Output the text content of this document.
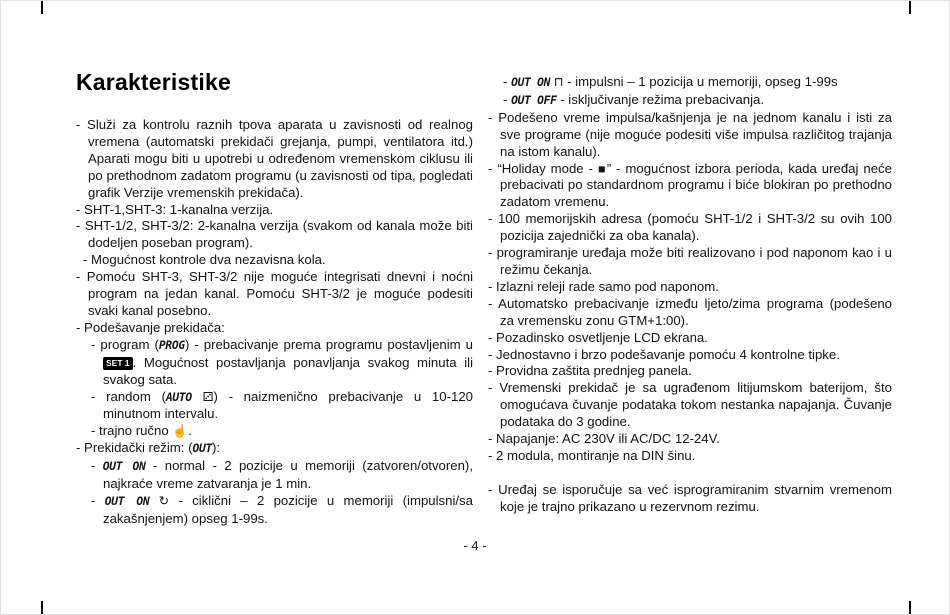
Karakteristike
- Služi za kontrolu raznih tpova aparata u zavisnosti od realnog vremena (automatski prekidači grejanja, pumpi, ventilatora itd.) Aparati mogu biti u upotrebi u određenom vremenskom ciklusu ili po prethodnom zadatom programu (u zavisnosti od tipa, pogledati grafik Verzije vremenskih prekidača).
- SHT-1,SHT-3: 1-kanalna verzija.
- SHT-1/2, SHT-3/2: 2-kanalna verzija (svakom od kanala može biti dodeljen poseban program).
- Mogućnost kontrole dva nezavisna kola.
- Pomoću SHT-3, SHT-3/2 nije moguće integrisati dnevni i noćni program na jedan kanal. Pomoću SHT-3/2 je moguće podesiti svaki kanal posebno.
- Podešavanje prekidača:
- program (PROG) - prebacivanje prema programu postavljenim u SET 1 . Mogućnost postavljanja ponavljanja svakog minuta ili svakog sata.
- random (AUTO ⚂) - naizmenično prebacivanje u 10-120 minutnom intervalu.
- trajno ručno ☝.
- Prekidački režim: (OUT):
- OUT ON - normal - 2 pozicije u memoriji (zatvoren/otvoren), najkraće vreme zatvaranja je 1 min.
- OUT ON ↻ - ciklični – 2 pozicije u memoriji (impulsni/sa zakašnjenjem) opseg 1-99s.
- OUT ON ⊓ - impulsni – 1 pozicija u memoriji, opseg 1-99s
- OUT OFF - isključivanje režima prebacivanja.
- Podešeno vreme impulsa/kašnjenja je na jednom kanalu i isti za sve programe (nije moguće podesiti više impulsa različitog trajanja na istom kanalu).
- “Holiday mode - ■” - mogućnost izbora perioda, kada uređaj neće prebacivati po standardnom programu i biće blokiran po prethodno zadatom vremenu.
- 100 memorijskih adresa (pomoću SHT-1/2 i SHT-3/2 su ovih 100 pozicija zajednički za oba kanala).
- programiranje uređaja može biti realizovano i pod naponom kao i u režimu čekanja.
- Izlazni releji rade samo pod naponom.
- Automatsko prebacivanje između ljeto/zima programa (podešeno za vremensku zonu GTM+1:00).
- Pozadinsko osvetljenje LCD ekrana.
- Jednostavno i brzo podešavanje pomoću 4 kontrolne tipke.
- Providna zaštita prednjeg panela.
- Vremenski prekidač je sa ugrađenom litijumskom baterijom, što omogućava čuvanje podataka tokom nestanka napajanja. Čuvanje podataka do 3 godine.
- Napajanje: AC 230V ili AC/DC 12-24V.
- 2 modula, montiranje na DIN šinu.
- Uređaj se isporučuje sa već isprogramiranim stvarnim vremenom koje je trajno prikazano u rezervnom rezimu.
- 4 -
